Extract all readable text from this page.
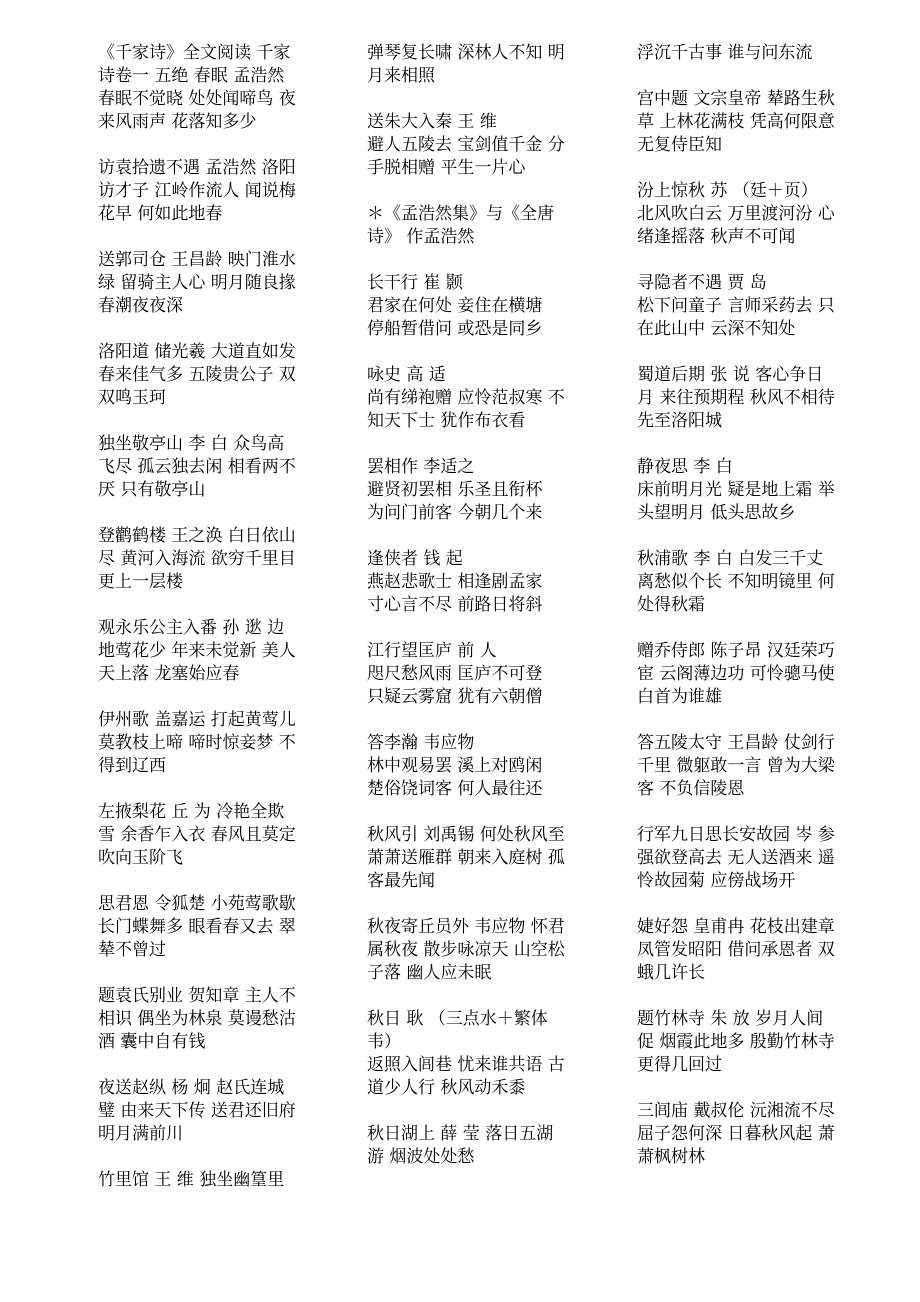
《千家诗》全文阅读 千家
诗卷一 五绝 春眠 孟浩然
春眠不觉晓 处处闻啼鸟 夜
来风雨声 花落知多少

访袁拾遗不遇 孟浩然 洛阳
访才子 江岭作流人 闻说梅
花早 何如此地春

送郭司仓 王昌龄 映门淮水
绿 留骑主人心 明月随良掾
春潮夜夜深

洛阳道 储光羲 大道直如发
春来佳气多 五陵贵公子 双
双鸣玉珂

独坐敬亭山 李 白 众鸟高
飞尽 孤云独去闲 相看两不
厌 只有敬亭山

登鹳鹤楼 王之涣 白日依山
尽 黄河入海流 欲穷千里目
更上一层楼

观永乐公主入番 孙 逖 边
地莺花少 年来未觉新 美人
天上落 龙塞始应春

伊州歌 盖嘉运 打起黄莺儿
莫教枝上啼 啼时惊妾梦 不
得到辽西

左掖梨花 丘 为 冷艳全欺
雪 余香乍入衣 春风且莫定
吹向玉阶飞

思君恩 令狐楚 小苑莺歌歇
长门蝶舞多 眼看春又去 翠
辇不曾过

题袁氏别业 贺知章 主人不
相识 偶坐为林泉 莫谩愁沽
酒 囊中自有钱

夜送赵纵 杨 炯 赵氏连城
璧 由来天下传 送君还旧府
明月满前川

竹里馆 王 维 独坐幽篁里

弹琴复长啸 深林人不知 明
月来相照

送朱大入秦 王 维
避人五陵去 宝剑值千金 分
手脱相赠 平生一片心

＊《孟浩然集》与《全唐
诗》 作孟浩然

长干行 崔 颢
君家在何处 妾住在横塘
停船暂借问 或恐是同乡

咏史 高 适
尚有绨袍赠 应怜范叔寒 不
知天下士 犹作布衣看

罢相作 李适之
避贤初罢相 乐圣且衔杯
为问门前客 今朝几个来

逢侠者 钱 起
燕赵悲歌士 相逢剧孟家
寸心言不尽 前路日将斜

江行望匡庐 前 人
咫尺愁风雨 匡庐不可登
只疑云雾窟 犹有六朝僧

答李瀚 韦应物
林中观易罢 溪上对鸥闲
楚俗饶词客 何人最往还

秋风引 刘禹锡 何处秋风至
萧萧送雁群 朝来入庭树 孤
客最先闻

秋夜寄丘员外 韦应物 怀君
属秋夜 散步咏凉天 山空松
子落 幽人应未眠

秋日 耿 （三点水＋繁体
韦）
返照入闾巷 忧来谁共语 古
道少人行 秋风动禾黍

秋日湖上 薛 莹 落日五湖
游 烟波处处愁

浮沉千古事 谁与问东流

宫中题 文宗皇帝 辇路生秋
草 上林花满枝 凭高何限意
无复侍臣知

汾上惊秋 苏 （廷＋页）
北风吹白云 万里渡河汾 心
绪逢摇落 秋声不可闻

寻隐者不遇 贾 岛
松下问童子 言师采药去 只
在此山中 云深不知处

蜀道后期 张 说 客心争日
月 来往预期程 秋风不相待
先至洛阳城

静夜思 李 白
床前明月光 疑是地上霜 举
头望明月 低头思故乡

秋浦歌 李 白 白发三千丈
离愁似个长 不知明镜里 何
处得秋霜

赠乔侍郎 陈子昂 汉廷荣巧
宦 云阁薄边功 可怜骢马使
白首为谁雄

答五陵太守 王昌龄 仗剑行
千里 微躯敢一言 曾为大梁
客 不负信陵恩

行军九日思长安故园 岑 参
强欲登高去 无人送酒来 遥
怜故园菊 应傍战场开

婕好怨 皇甫冉 花枝出建章
凤管发昭阳 借问承恩者 双
蛾几许长

题竹林寺 朱 放 岁月人间
促 烟霞此地多 殷勤竹林寺
更得几回过

三闾庙 戴叔伦 沅湘流不尽
屈子怨何深 日暮秋风起 萧
萧枫树林
